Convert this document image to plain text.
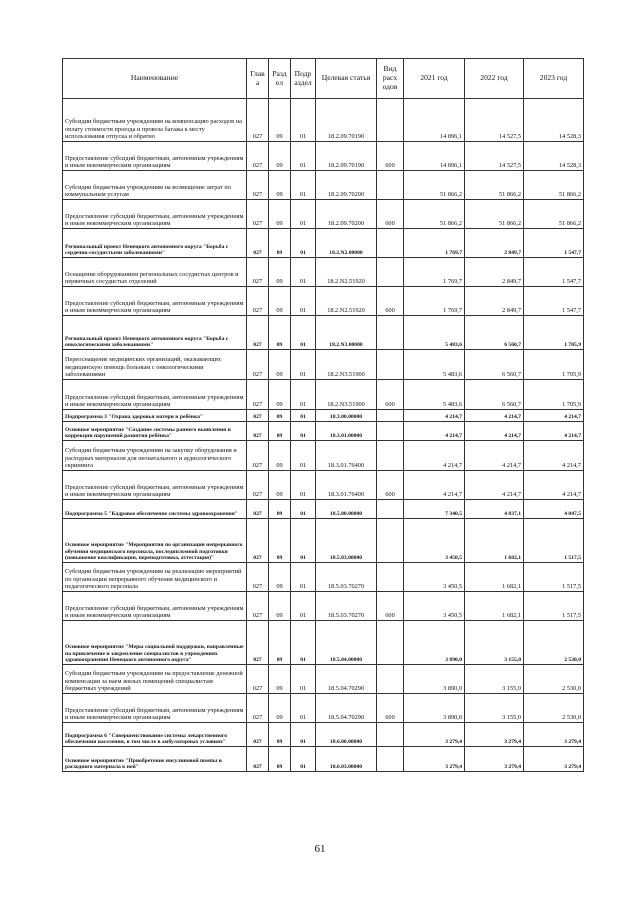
Наименование	Глав а	Разд ел	Подр аздел	Целевая статья	Вид расх одов	2021 год	2022 год	2023 год
Субсидии бюджетным учреждениям на компенсацию расходов на оплату стоимости проезда и провоза багажа к месту использования отпуска и обратно	027	09	01	18.2.09.70190		14 896,1	14 527,5	14 528,3
Предоставление субсидий бюджетным, автономным учреждениям и иным некоммерческим организациям	027	09	01	18.2.09.70190	600	14 896,1	14 527,5	14 528,3
Субсидии бюджетным учреждениям на возмещение затрат по коммунальным услугам	027	09	01	18.2.09.70200		51 866,2	51 866,2	51 866,2
Предоставление субсидий бюджетным, автономным учреждениям и иным некоммерческим организациям	027	09	01	18.2.09.70200	600	51 866,2	51 866,2	51 866,2
Региональный проект Ненецкого автономного округа "Борьба с сердечно-сосудистыми заболеваниями"	027	09	01	18.2.N2.00000		1 769,7	2 849,7	1 547,7
Оснащение оборудованием региональных сосудистых центров и первичных сосудистых отделений	027	09	01	18.2.N2.51920		1 769,7	2 849,7	1 547,7
Предоставление субсидий бюджетным, автономным учреждениям и иным некоммерческим организациям	027	09	01	18.2.N2.51920	600	1 769,7	2 849,7	1 547,7
Региональный проект Ненецкого автономного округа "Борьба с онкологическими заболеваниями"	027	09	01	18.2.N3.00000		5 483,6	6 560,7	1 705,9
Переоснащение медицинских организаций, оказывающих медицинскую помощь больным с онкологическими заболеваниями	027	09	01	18.2.N3.51900		5 483,6	6 560,7	1 705,9
Предоставление субсидий бюджетным, автономным учреждениям и иным некоммерческим организациям	027	09	01	18.2.N3.51900	600	5 483,6	6 560,7	1 705,9
Подпрограмма 3 "Охрана здоровья матери и ребёнка"	027	09	01	18.3.00.00000		4 214,7	4 214,7	4 214,7
Основное мероприятие "Создание системы раннего выявления и коррекции нарушений развития ребёнка"	027	09	01	18.3.01.00000		4 214,7	4 214,7	4 214,7
Субсидии бюджетным учреждениям на закупку оборудования и расходных материалов для неонатального и аудиологического скрининга	027	09	01	18.3.01.76400		4 214,7	4 214,7	4 214,7
Предоставление субсидий бюджетным, автономным учреждениям и иным некоммерческим организациям	027	09	01	18.3.01.76400	600	4 214,7	4 214,7	4 214,7
Подпрограмма 5 "Кадровое обеспечение системы здравоохранения"	027	09	01	18.5.00.00000		7 340,5	4 837,1	4 047,5
Основное мероприятие "Мероприятия по организации непрерывного обучения медицинского персонала, последипломной подготовки (повышение квалификации, переподготовка, аттестация)"	027	09	01	18.5.03.00000		3 450,5	1 682,1	1 517,5
Субсидии бюджетным учреждениям на реализацию мероприятий по организации непрерывного обучения медицинского и педагогического персонала	027	09	01	18.5.03.70270		3 450,5	1 682,1	1 517,5
Предоставление субсидий бюджетным, автономным учреждениям и иным некоммерческим организациям	027	09	01	18.5.03.70270	600	3 450,5	1 682,1	1 517,5
Основное мероприятие "Меры социальной поддержки, направленные на привлечение и закрепление специалистов в учреждениях здравоохранения Ненецкого автономного округа"	027	09	01	18.5.04.00000		3 890,0	3 155,0	2 530,0
Субсидии бюджетным учреждениям на предоставление денежной компенсации за наем жилых помещений специалистам бюджетных учреждений	027	09	01	18.5.04.70290		3 890,0	3 155,0	2 530,0
Предоставление субсидий бюджетным, автономным учреждениям и иным некоммерческим организациям	027	09	01	18.5.04.70290	600	3 890,0	3 155,0	2 530,0
Подпрограмма 6 "Совершенствование системы лекарственного обеспечения населения, в том числе в амбулаторных условиях"	027	09	01	18.6.00.00000		3 279,4	3 279,4	3 279,4
Основное мероприятие "Приобретение инсулиновой помпы и расходного материала к ней"	027	09	01	18.6.03.00000		3 279,4	3 279,4	3 279,4
61
